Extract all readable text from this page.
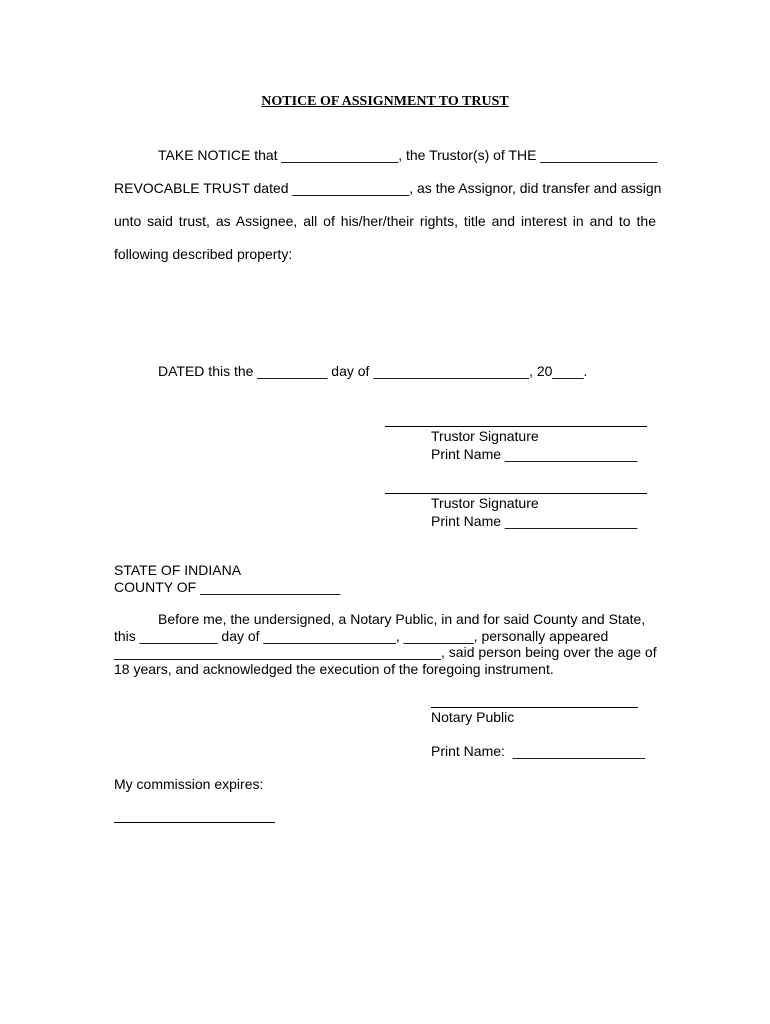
NOTICE OF ASSIGNMENT TO TRUST
TAKE NOTICE that _______________, the Trustor(s) of THE _______________
REVOCABLE TRUST dated _______________, as the Assignor, did transfer and assign
unto said trust, as Assignee, all of his/her/their rights, title and interest in and to the
following described property:
DATED this the _________ day of ____________________, 20____.
Trustor Signature
Print Name _________________
Trustor Signature
Print Name _________________
STATE OF INDIANA
COUNTY OF __________________
Before me, the undersigned, a Notary Public, in and for said County and State,
this __________ day of _________________, _________, personally appeared
__________________________________________, said person being over the age of
18 years, and acknowledged the execution of the foregoing instrument.
Notary Public
Print Name:  _________________
My commission expires:
